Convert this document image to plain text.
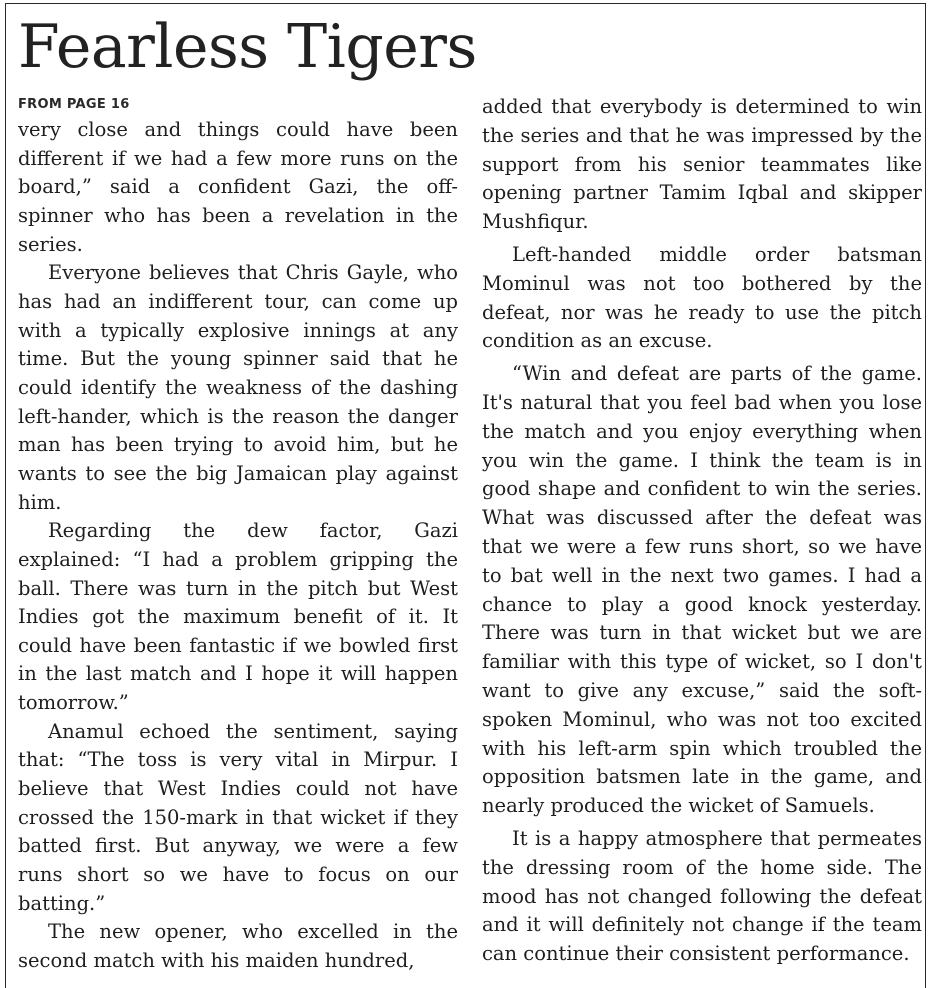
Fearless Tigers
FROM PAGE 16

very close and things could have been different if we had a few more runs on the board,” said a confident Gazi, the off-spinner who has been a revelation in the series.

Everyone believes that Chris Gayle, who has had an indifferent tour, can come up with a typically explosive innings at any time. But the young spinner said that he could identify the weakness of the dashing left-hander, which is the reason the danger man has been trying to avoid him, but he wants to see the big Jamaican play against him.

Regarding the dew factor, Gazi explained: “I had a problem gripping the ball. There was turn in the pitch but West Indies got the maximum benefit of it. It could have been fantastic if we bowled first in the last match and I hope it will happen tomorrow.”

Anamul echoed the sentiment, saying that: “The toss is very vital in Mirpur. I believe that West Indies could not have crossed the 150-mark in that wicket if they batted first. But anyway, we were a few runs short so we have to focus on our batting.”

The new opener, who excelled in the second match with his maiden hundred,

added that everybody is determined to win the series and that he was impressed by the support from his senior teammates like opening partner Tamim Iqbal and skipper Mushfiqur.

Left-handed middle order batsman Mominul was not too bothered by the defeat, nor was he ready to use the pitch condition as an excuse.

“Win and defeat are parts of the game. It's natural that you feel bad when you lose the match and you enjoy everything when you win the game. I think the team is in good shape and confident to win the series. What was discussed after the defeat was that we were a few runs short, so we have to bat well in the next two games. I had a chance to play a good knock yesterday. There was turn in that wicket but we are familiar with this type of wicket, so I don't want to give any excuse,” said the soft-spoken Mominul, who was not too excited with his left-arm spin which troubled the opposition batsmen late in the game, and nearly produced the wicket of Samuels.

It is a happy atmosphere that permeates the dressing room of the home side. The mood has not changed following the defeat and it will definitely not change if the team can continue their consistent performance.
